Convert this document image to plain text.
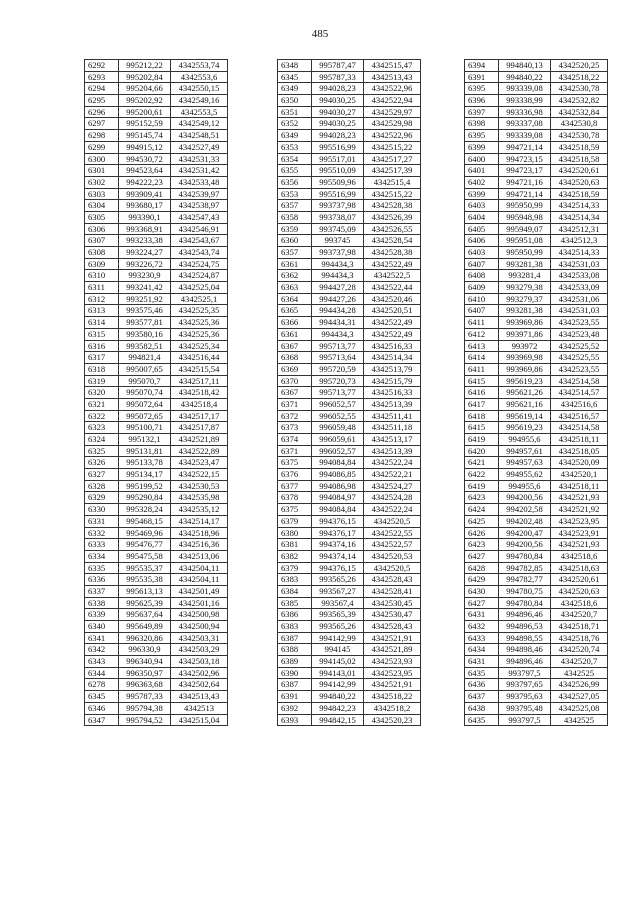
485
6292	995212,22	4342553,74
6293	995202,84	4342553,6
6294	995204,66	4342550,15
6295	995202,92	4342549,16
6296	995200,61	4342553,5
6297	995152,59	4342549,12
6298	995145,74	4342548,51
6299	994915,12	4342527,49
6300	994530,72	4342531,33
6301	994523,64	4342531,42
6302	994222,23	4342533,48
6303	993909,41	4342539,97
6304	993680,17	4342538,97
6305	993390,1	4342547,43
6306	993368,91	4342546,91
6307	993233,38	4342543,67
6308	993224,27	4342543,74
6309	993226,72	4342524,75
6310	993230,9	4342524,87
6311	993241,42	4342525,04
6312	993251,92	4342525,1
6313	993575,46	4342525,35
6314	993577,81	4342525,36
6315	993580,16	4342525,36
6316	993582,51	4342525,34
6317	994821,4	4342516,44
6318	995007,65	4342515,54
6319	995070,7	4342517,11
6320	995070,74	4342518,42
6321	995072,64	4342518,4
6322	995072,65	4342517,17
6323	995100,71	4342517,87
6324	995132,1	4342521,89
6325	995131,81	4342522,89
6326	995133,78	4342523,47
6327	995134,17	4342522,15
6328	995199,52	4342530,53
6329	995290,84	4342535,98
6330	995328,24	4342535,12
6331	995468,15	4342514,17
6332	995469,96	4342518,96
6333	995476,77	4342516,36
6334	995475,58	4342513,06
6335	995535,37	4342504,11
6336	995535,38	4342504,11
6337	995613,13	4342501,49
6338	995625,39	4342501,16
6339	995637,64	4342500,98
6340	995649,89	4342500,94
6341	996320,86	4342503,31
6342	996330,9	4342503,29
6343	996340,94	4342503,18
6344	996350,97	4342502,96
6278	996363,68	4342502,64
6345	995787,33	4342513,43
6346	995794,38	4342513
6347	995794,52	4342515,04
6348	995787,47	4342515,47
6345	995787,33	4342513,43
6349	994028,23	4342522,96
6350	994030,25	4342522,94
6351	994030,27	4342529,97
6352	994030,25	4342529,98
6349	994028,23	4342522,96
6353	995516,99	4342515,22
6354	995517,01	4342517,27
6355	995510,09	4342517,39
6356	995509,96	4342515,4
6353	995516,99	4342515,22
6357	993737,98	4342528,38
6358	993738,07	4342526,39
6359	993745,09	4342526,55
6360	993745	4342528,54
6357	993737,98	4342528,38
6361	994434,3	4342522,49
6362	994434,3	4342522,5
6363	994427,28	4342522,44
6364	994427,26	4342520,46
6365	994434,28	4342520,51
6366	994434,31	4342522,49
6361	994434,3	4342522,49
6367	995713,77	4342516,33
6368	995713,64	4342514,34
6369	995720,59	4342513,79
6370	995720,73	4342515,79
6367	995713,77	4342516,33
6371	996052,57	4342513,39
6372	996052,55	4342511,41
6373	996059,48	4342511,18
6374	996059,61	4342513,17
6371	996052,57	4342513,39
6375	994084,84	4342522,24
6376	994086,85	4342522,21
6377	994086,98	4342524,27
6378	994084,97	4342524,28
6375	994084,84	4342522,24
6379	994376,15	4342520,5
6380	994376,17	4342522,55
6381	994374,16	4342522,57
6382	994374,14	4342520,53
6379	994376,15	4342520,5
6383	993565,26	4342528,43
6384	993567,27	4342528,41
6385	993567,4	4342530,45
6386	993565,39	4342530,47
6383	993565,26	4342528,43
6387	994142,99	4342521,91
6388	994145	4342521,89
6389	994145,02	4342523,93
6390	994143,01	4342523,95
6387	994142,99	4342521,91
6391	994840,22	4342518,22
6392	994842,23	4342518,2
6393	994842,15	4342520,23
6394	994840,13	4342520,25
6391	994840,22	4342518,22
6395	993339,08	4342530,78
6396	993338,99	4342532,82
6397	993336,98	4342532,84
6398	993337,08	4342530,8
6395	993339,08	4342530,78
6399	994721,14	4342518,59
6400	994723,15	4342518,58
6401	994723,17	4342520,61
6402	994721,16	4342520,63
6399	994721,14	4342518,59
6403	995950,99	4342514,33
6404	995948,98	4342514,34
6405	995949,07	4342512,31
6406	995951,08	4342512,3
6403	995950,99	4342514,33
6407	993281,38	4342531,03
6408	993281,4	4342533,08
6409	993279,38	4342533,09
6410	993279,37	4342531,06
6407	993281,38	4342531,03
6411	993969,86	4342523,55
6412	993971,86	4342523,48
6413	993972	4342525,52
6414	993969,98	4342525,55
6411	993969,86	4342523,55
6415	995619,23	4342514,58
6416	995621,26	4342514,57
6417	995621,16	4342516,6
6418	995619,14	4342516,57
6415	995619,23	4342514,58
6419	994955,6	4342518,11
6420	994957,61	4342518,05
6421	994957,63	4342520,09
6422	994955,62	4342520,1
6419	994955,6	4342518,11
6423	994200,56	4342521,93
6424	994202,58	4342521,92
6425	994202,48	4342523,95
6426	994200,47	4342523,91
6423	994200,56	4342521,93
6427	994780,84	4342518,6
6428	994782,85	4342518,63
6429	994782,77	4342520,61
6430	994780,75	4342520,63
6427	994780,84	4342518,6
6431	994896,46	4342520,7
6432	994896,53	4342518,71
6433	994898,55	4342518,76
6434	994898,46	4342520,74
6431	994896,46	4342520,7
6435	993797,5	4342525
6436	993797,65	4342526,99
6437	993795,63	4342527,05
6438	993795,48	4342525,08
6435	993797,5	4342525
